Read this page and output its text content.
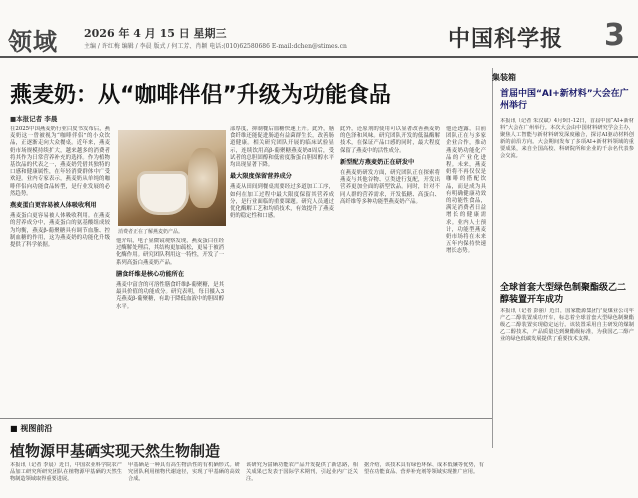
领域 2026 年 4 月 15 日 星期三
主编 / 许红梅 编辑 / 李晨 版式 / 何工芳、肖颖 电话:(010)62580686 E-mail:dchen@stimes.cn	中国科学报 3
燕麦奶：从“咖啡伴侣”升级为功能食品
■本报记者 李晨

在2025中国燕麦奶行业白皮书发布后，燕麦奶这一曾被视为“咖啡伴侣”的小众饮品，正逐渐走向大众餐桌。近年来，燕麦奶市场规模持续扩大，越来越多的消费者将其作为日常营养补充的选择。作为植物基饮品的代表之一，燕麦奶凭借其独特的口感和健康属性，在年轻消费群体中广受欢迎。业内专家表示，燕麦奶从单纯的咖啡伴侣向功能食品转型，是行业发展的必然趋势。

燕麦蛋白更容易被人体吸收利用

燕麦蛋白更容易被人体吸收利用。在燕麦的营养成分中，燕麦蛋白的氨基酸组成较为均衡，燕麦β-葡聚糖具有调节血脂、控制血糖的作用，这为燕麦奶的功能化升级提供了科学依据。

消费者正在了解燕麦奶产品。

他介绍，电子显微镜观察发现，燕麦蛋白在经过酶解处理后，其结构更加疏松，更易于被消化酶作用。研究团队利用这一特性，开发了一系列高蛋白燕麦奶产品。

膳食纤维是核心功能所在

燕麦中富含的可溶性膳食纤维β-葡聚糖，是其最具价值的功能成分。研究表明，每日摄入3克燕麦β-葡聚糖，有助于降低血液中的胆固醇水平。

部厚度，抑制餐后血糖快速上升。此外，膳食纤维还能促进肠道有益菌群生长，改善肠道健康。相关研究团队开展的临床试验显示，连续饮用高β-葡聚糖燕麦奶8周后，受试者的总胆固醇和低密度脂蛋白胆固醇水平均出现显著下降。

最大限度保留营养成分

燕麦从田间到餐桌需要经过多道加工工序，如何在加工过程中最大限度保留其营养成分，是行业面临的重要课题。研究人员通过优化酶解工艺和均质技术，有效提升了燕麦奶的稳定性和口感。

此外，还原剂的使用可以显著改善燕麦奶的色泽和风味。研究团队开发的低温酶解技术，在保证产品口感的同时，最大程度保留了燕麦中的活性成分。

新型配方燕麦奶正在研发中

在燕麦奶研发方面，研究团队正在探索将燕麦与其他谷物、豆类进行复配，开发出营养更加全面的新型饮品。同时，针对不同人群的营养需求，开发低糖、高蛋白、高纤维等多种功能型燕麦奶产品。

他还透露，目前团队正在与多家企业合作，推动燕麦奶功能化产品的产业化进程。未来，燕麦奶将不再仅仅是咖啡的搭配饮品，而是成为具有明确健康功效的功能性食品，满足消费者日益增长的健康需求。业内人士预计，功能型燕麦奶市场将在未来五年内保持快速增长态势。

集装箱
首届中国“AI+新材料”大会在广州举行
本报讯（记者 朱汉斌）4月9日-12日，首届中国“AI+新材料”大会在广州举行。本次大会由中国材料研究学会主办，聚焦人工智能与新材料研发深度融合，探讨AI驱动材料创新的前沿方向。大会期间发布了多项AI+新材料领域的重要成果，来自全国高校、科研院所和企业的千余名代表参会交流。
全球首套大型绿色制聚酯级乙二醇装置开车成功
本报讯（记者 彭丽）近日，国家能源集团宁夏煤业公司年产乙二醇装置成功开车，标志着全球首套大型绿色制聚酯级乙二醇装置实现稳定运行。该装置采用自主研发的煤制乙二醇技术，产品质量达到聚酯级标准，为我国乙二醇产业的绿色低碳发展提供了重要技术支撑。
■ 视图前沿
植物源甲基硒实现天然生物制造
本报讯（记者 李晨）近日，中国农业科学院农产品加工研究所研究团队在植物源甲基硒的天然生物制造领域取得重要进展。
甲基硒是一种具有高生物活性的有机硒形式。研究团队利用植物代谢途径，实现了甲基硒的高效合成。
该研究为富硒功能农产品开发提供了新思路，相关成果已发表于国际学术期刊，引起业内广泛关注。
据介绍，该技术具有绿色环保、成本低廉等优势，有望在功能食品、营养补充剂等领域实现推广应用。
